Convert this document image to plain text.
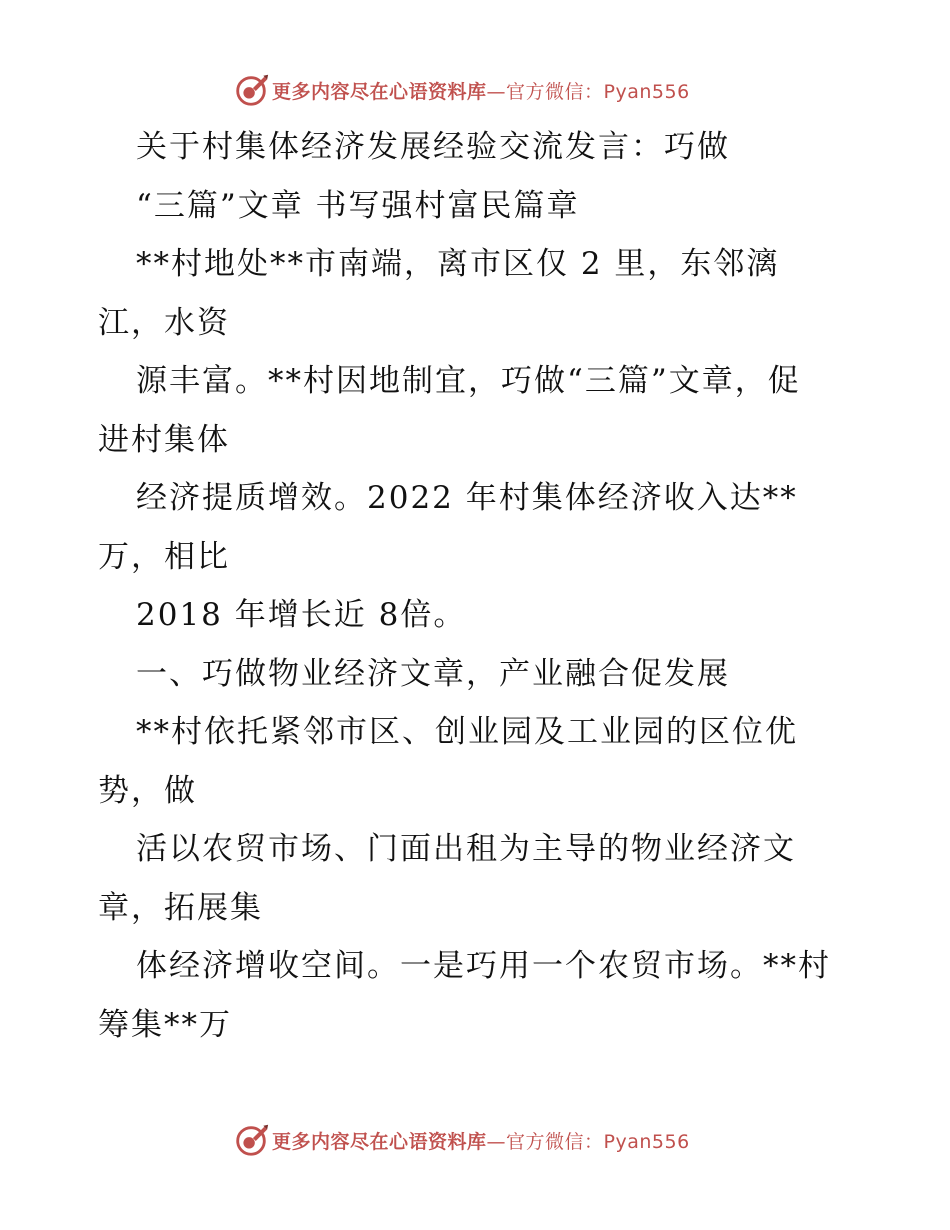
更多内容尽在心语资料库—官方微信：Pyan556
关于村集体经济发展经验交流发言：巧做
“三篇”文章 书写强村富民篇章
**村地处**市南端，离市区仅 2 里，东邻漓
江，水资
源丰富。**村因地制宜，巧做“三篇”文章，促
进村集体
经济提质增效。2022 年村集体经济收入达**
万，相比
2018 年增长近 8倍。
一、巧做物业经济文章，产业融合促发展
**村依托紧邻市区、创业园及工业园的区位优
势，做
活以农贸市场、门面出租为主导的物业经济文
章，拓展集
体经济增收空间。一是巧用一个农贸市场。**村
筹集**万
更多内容尽在心语资料库—官方微信：Pyan556
